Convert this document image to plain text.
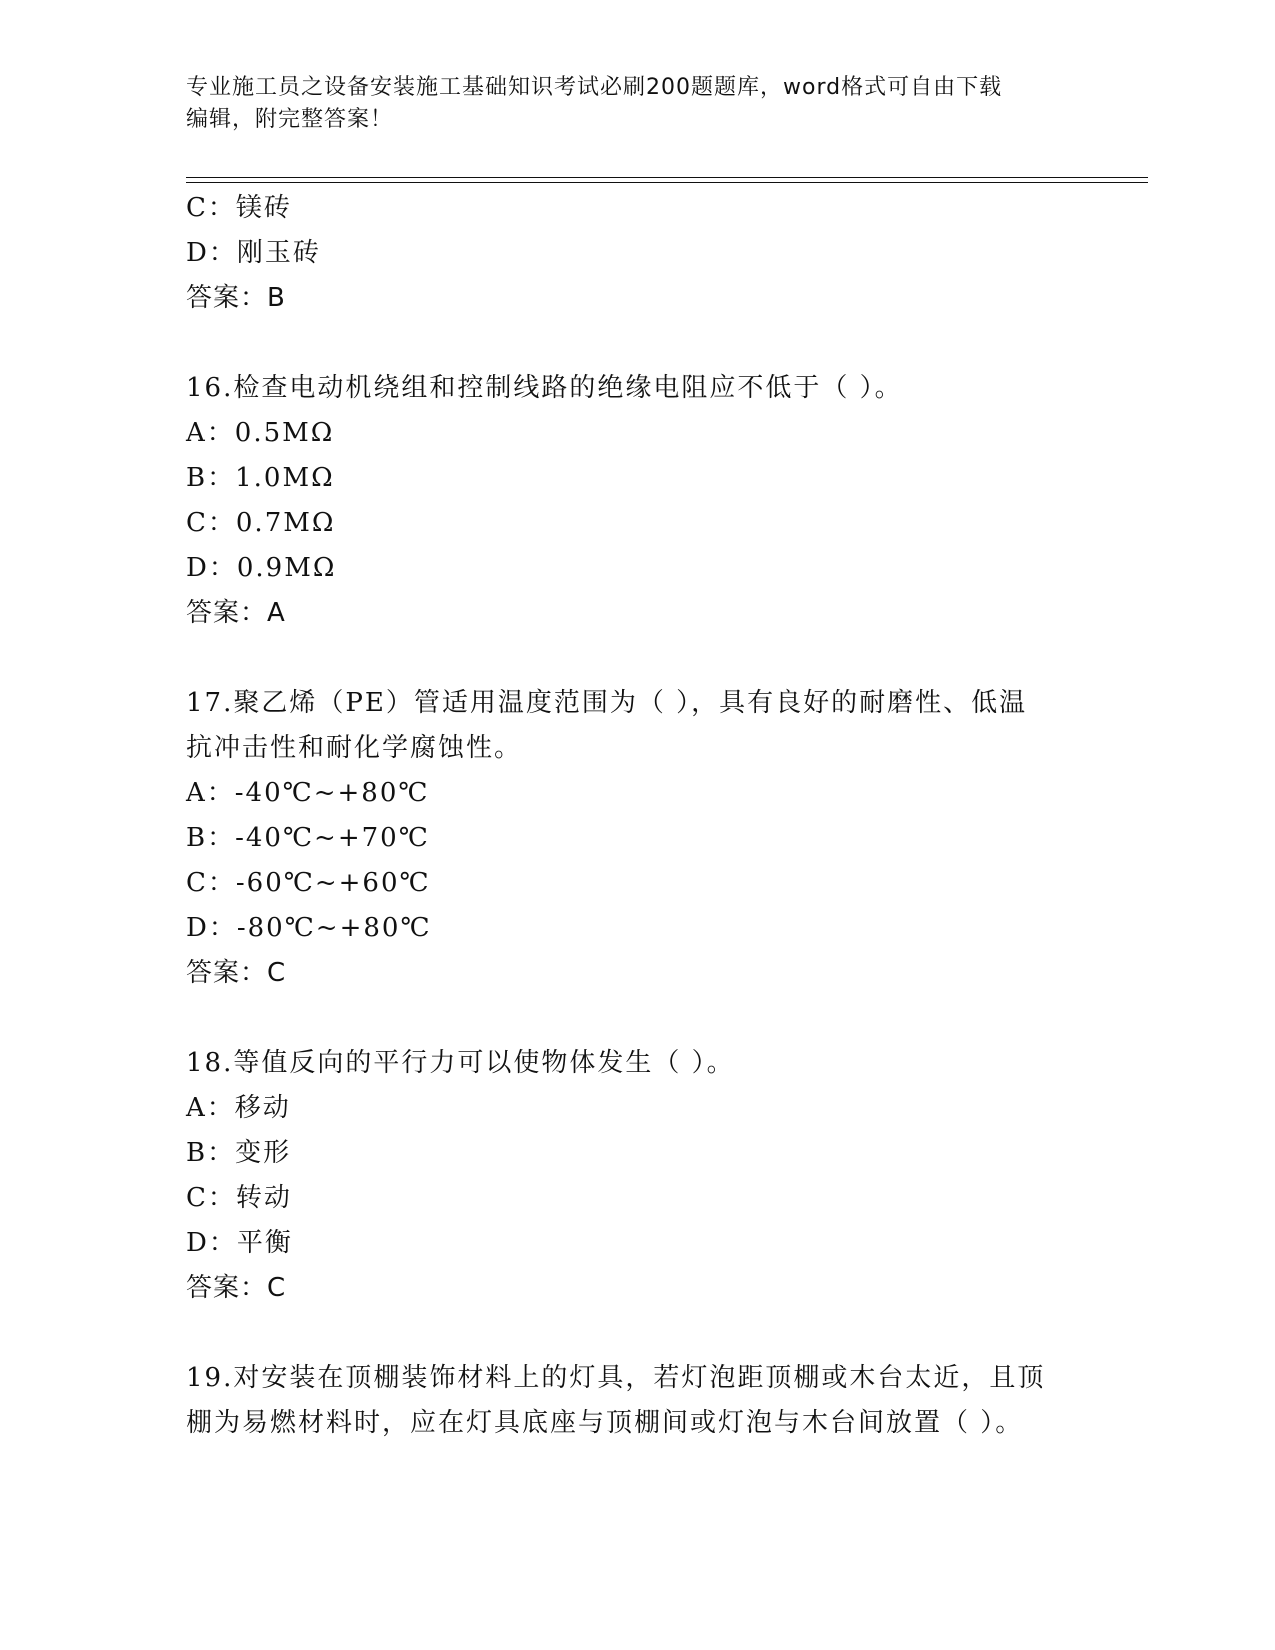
专业施工员之设备安装施工基础知识考试必刷200题题库，word格式可自由下载
编辑，附完整答案！
C：镁砖
D：刚玉砖
答案：B
16.检查电动机绕组和控制线路的绝缘电阻应不低于（ ）。
A：0.5MΩ
B：1.0MΩ
C：0.7MΩ
D：0.9MΩ
答案：A
17.聚乙烯（PE）管适用温度范围为（ ），具有良好的耐磨性、低温
抗冲击性和耐化学腐蚀性。
A：-40℃~+80℃
B：-40℃~+70℃
C：-60℃~+60℃
D：-80℃~+80℃
答案：C
18.等值反向的平行力可以使物体发生（ ）。
A：移动
B：变形
C：转动
D：平衡
答案：C
19.对安装在顶棚装饰材料上的灯具，若灯泡距顶棚或木台太近，且顶
棚为易燃材料时，应在灯具底座与顶棚间或灯泡与木台间放置（ ）。
